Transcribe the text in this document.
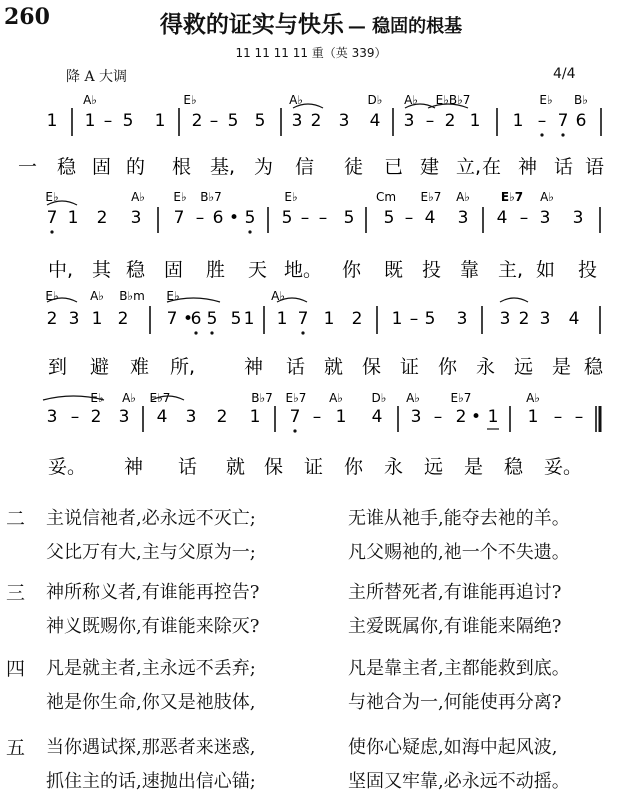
260	得救的证实与快乐 — 稳固的根基
11 11 11 11 重（英 339）
降 A 大调	4/4
A♭	E♭	A♭	D♭ A♭ E♭B♭7	E♭ B♭
1 1 – 5 1 2 – 5 5 3 2 3 4 3 – 2 1 1 – 7 6
一 稳 固 的 根 基, 为 信 徒 已 建 立, 在 神 话 语
E♭	A♭ E♭ B♭7	E♭	Cm E♭7 A♭	E♭7 A♭
7 1 2 3 7 – 6 • 5 5 – – 5 5 – 4 3 4 – 3 3
中, 其 稳 固 胜 天 地。 你 既 投 靠 主, 如 投
E♭	A♭ B♭m E♭	A♭
2 3 1 2 7 •
6 5 5 1 1 7 1 2 1 – 5 3 3 2 3 4
到 避 难 所,	神 话 就 保 证 你 永 远 是 稳
E♭ A♭ E♭7	B♭7 E♭7 A♭ D♭ A♭	E♭7	A♭
3 – 2 3 4 3 2 1 7 – 1 4 3 – 2 • 1 1 – –
妥。 神 话 就 保 证 你 永 远 是 稳 妥。
二 主说信祂者,必永远不灭亡;	无谁从祂手,能夺去祂的羊。
父比万有大,主与父原为一;	凡父赐祂的,祂一个不失遗。
三 神所称义者,有谁能再控告?	主所替死者,有谁能再追讨?
神义既赐你,有谁能来除灭?	主爱既属你,有谁能来隔绝?
四 凡是就主者,主永远不丢弃;	凡是靠主者,主都能救到底。
祂是你生命,你又是祂肢体,	与祂合为一,何能使再分离?
五 当你遇试探,那恶者来迷惑,	使你心疑虑,如海中起风波,
抓住主的话,速抛出信心锚;	坚固又牢靠,必永远不动摇。
